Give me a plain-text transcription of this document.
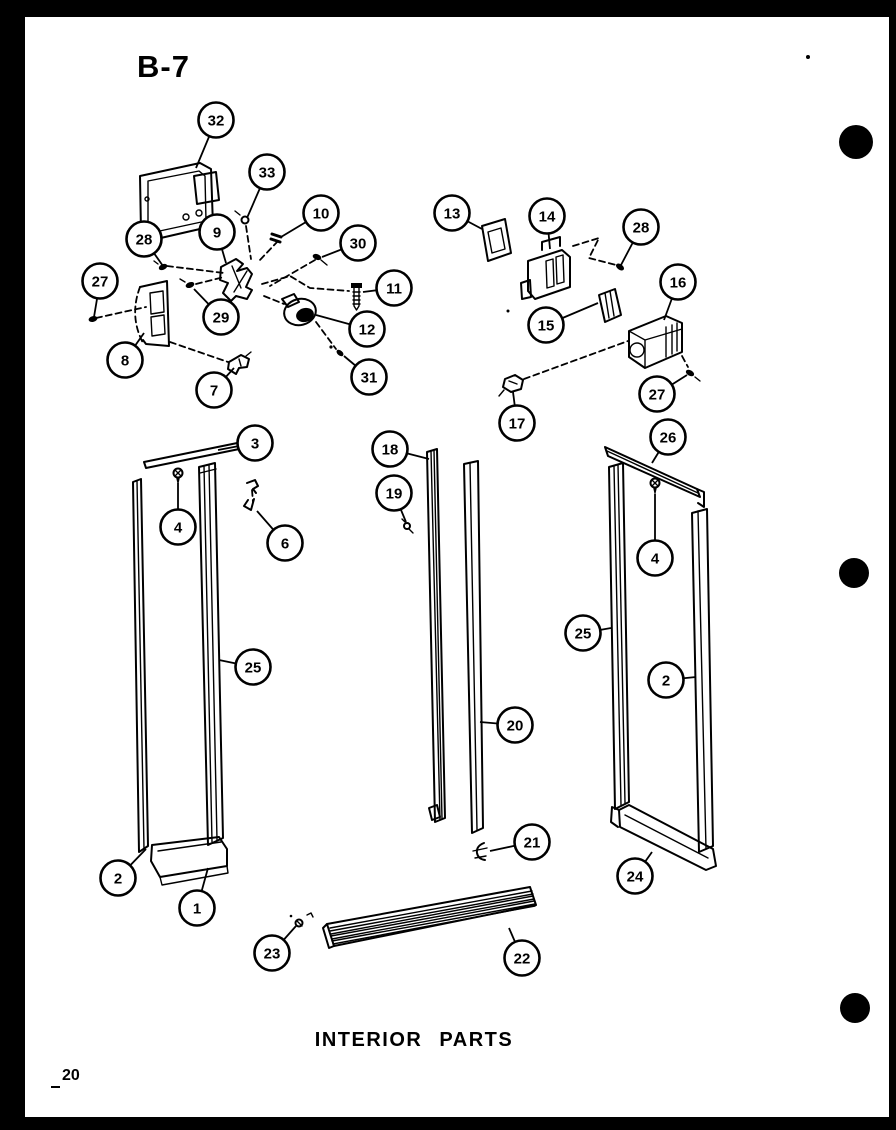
B-7
INTERIOR PARTS
20
32
33
10
30
28	9
27
29
11
8
12
31
7
13	14
28
16
15
27
17
3	18
19
26
4
6
4
25
25
2
20
21
2
1
24
23	22
